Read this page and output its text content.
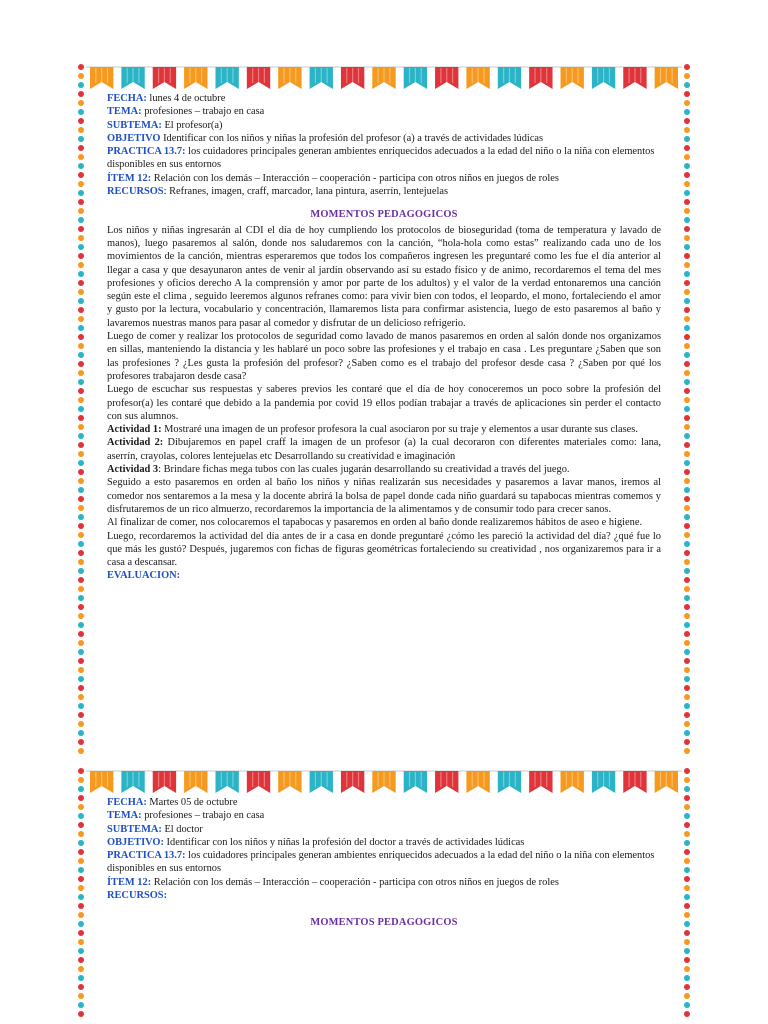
FECHA: lunes 4 de octubre

TEMA: profesiones – trabajo en casa

SUBTEMA: El profesor(a)

OBJETIVO Identificar con los niños y niñas la profesión del profesor (a) a través de actividades lúdicas

PRACTICA 13.7: los cuidadores principales generan ambientes enriquecidos adecuados a la edad del niño o la niña con elementos disponibles en sus entornos

ÍTEM 12: Relación con los demás – Interacción – cooperación - participa con otros niños en juegos de roles

RECURSOS: Refranes, imagen, craff, marcador, lana pintura, aserrín, lentejuelas

MOMENTOS PEDAGOGICOS

Los niños y niñas ingresarán al CDI el día de hoy cumpliendo los protocolos de bioseguridad (toma de temperatura y lavado de manos), luego pasaremos al salón, donde nos saludaremos con la canción, “hola-hola como estas” realizando cada uno de los movimientos de la canción, mientras esperaremos que todos los compañeros ingresen les preguntaré como les fue el día anterior al llegar a casa y que desayunaron antes de venir al jardín observando así su estado físico y de animo, recordaremos el tema del mes profesiones y oficios derecho A la comprensión y amor por parte de los adultos) y el valor de la verdad entonaremos una canción según este el clima , seguido leeremos algunos refranes como: para vivir bien con todos, el leopardo, el mono, fortaleciendo el amor y gusto por la lectura, vocabulario y concentración, llamaremos lista para confirmar asistencia, luego de esto pasaremos al baño y lavaremos nuestras manos para pasar al comedor y disfrutar de un delicioso refrigerio.

Luego de comer y realizar los protocolos de seguridad como lavado de manos pasaremos en orden al salón donde nos organizamos en sillas, manteniendo la distancia y les hablaré un poco sobre las profesiones y el trabajo en casa . Les preguntare ¿Saben que son las profesiones ? ¿Les gusta la profesión del profesor? ¿Saben como es el trabajo del profesor desde casa ? ¿Saben por qué los profesores trabajaron desde casa?

Luego de escuchar sus respuestas y saberes previos les contaré que el día de hoy conoceremos un poco sobre la profesión del profesor(a) les contaré que debido a la pandemia por covid 19 ellos podían trabajar a través de aplicaciones sin perder el contacto con sus alumnos.

Actividad 1: Mostraré una imagen de un profesor profesora la cual asociaron por su traje y elementos a usar durante sus clases.

Actividad 2: Dibujaremos en papel craff la imagen de un profesor (a) la cual decoraron con diferentes materiales como: lana, aserrín, crayolas, colores lentejuelas etc Desarrollando su creatividad e imaginación

Actividad 3: Brindare fichas mega tubos con las cuales jugarán desarrollando su creatividad a través del juego.

Seguido a esto pasaremos en orden al baño los niños y niñas realizarán sus necesidades y pasaremos a lavar manos, iremos al comedor nos sentaremos a la mesa y la docente abrirá la bolsa de papel donde cada niño guardará su tapabocas mientras comemos y disfrutaremos de un rico almuerzo, recordaremos la importancia de la alimentamos y de consumir todo para crecer sanos.

Al finalizar de comer, nos colocaremos el tapabocas y pasaremos en orden al baño donde realizaremos hábitos de aseo e higiene.

Luego, recordaremos la actividad del día antes de ir a casa en donde preguntaré ¿cómo les pareció la actividad del día? ¿qué fue lo que más les gustó? Después, jugaremos con fichas de figuras geométricas fortaleciendo su creatividad , nos organizaremos para ir a casa a descansar.

EVALUACION:

FECHA: Martes 05 de octubre

TEMA: profesiones – trabajo en casa

SUBTEMA: El doctor

OBJETIVO: Identificar con los niños y niñas la profesión del doctor a través de actividades lúdicas

PRACTICA 13.7: los cuidadores principales generan ambientes enriquecidos adecuados a la edad del niño o la niña con elementos disponibles en sus entornos

ÍTEM 12: Relación con los demás – Interacción – cooperación - participa con otros niños en juegos de roles

RECURSOS:

MOMENTOS PEDAGOGICOS
